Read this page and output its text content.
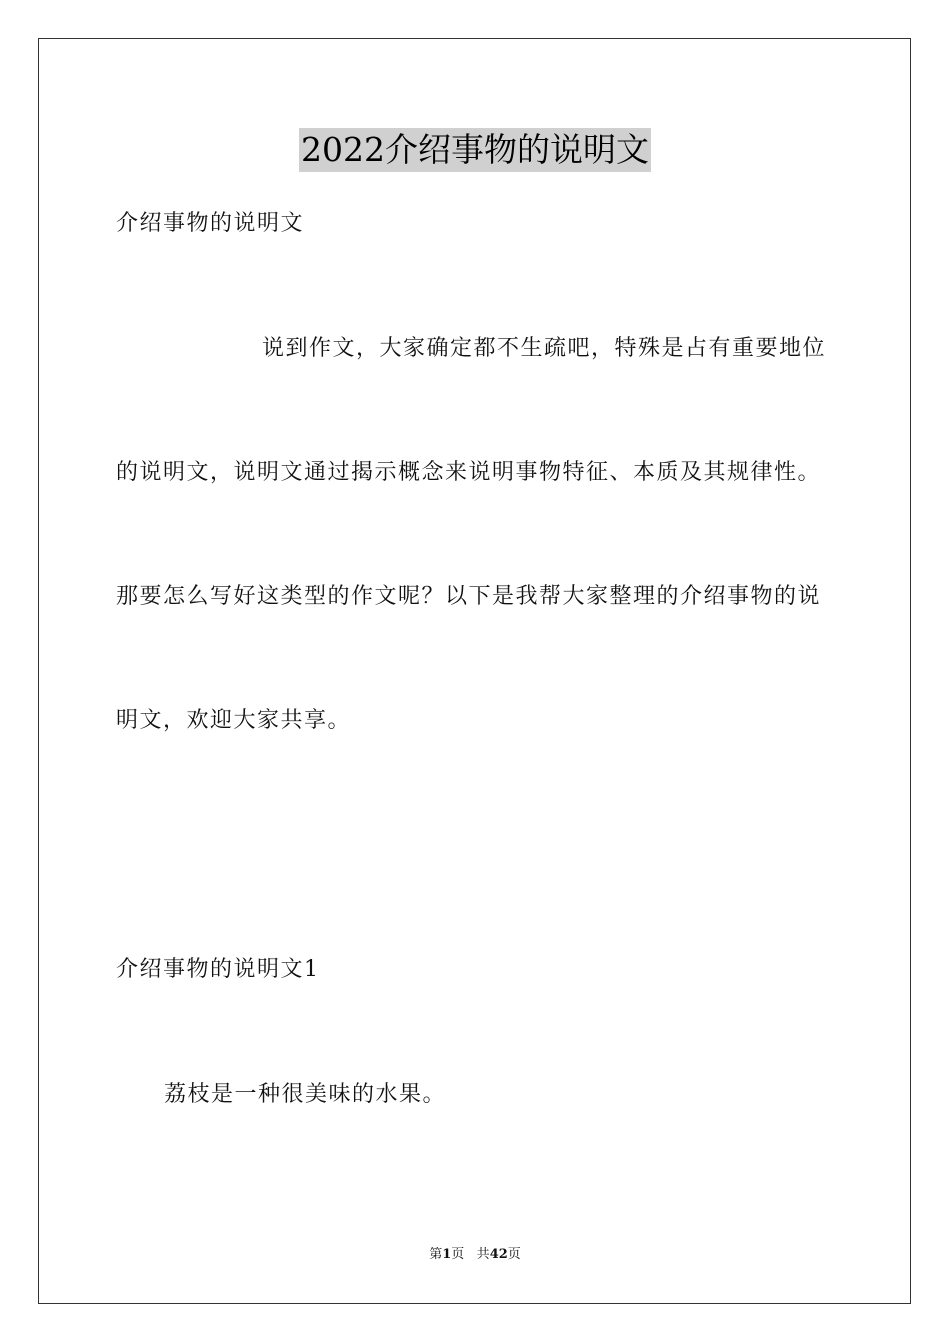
2022介绍事物的说明文
介绍事物的说明文
说到作文，大家确定都不生疏吧，特殊是占有重要地位
的说明文，说明文通过揭示概念来说明事物特征、本质及其规律性。
那要怎么写好这类型的作文呢？以下是我帮大家整理的介绍事物的说
明文，欢迎大家共享。
介绍事物的说明文1
荔枝是一种很美味的水果。
第1页 共42页
